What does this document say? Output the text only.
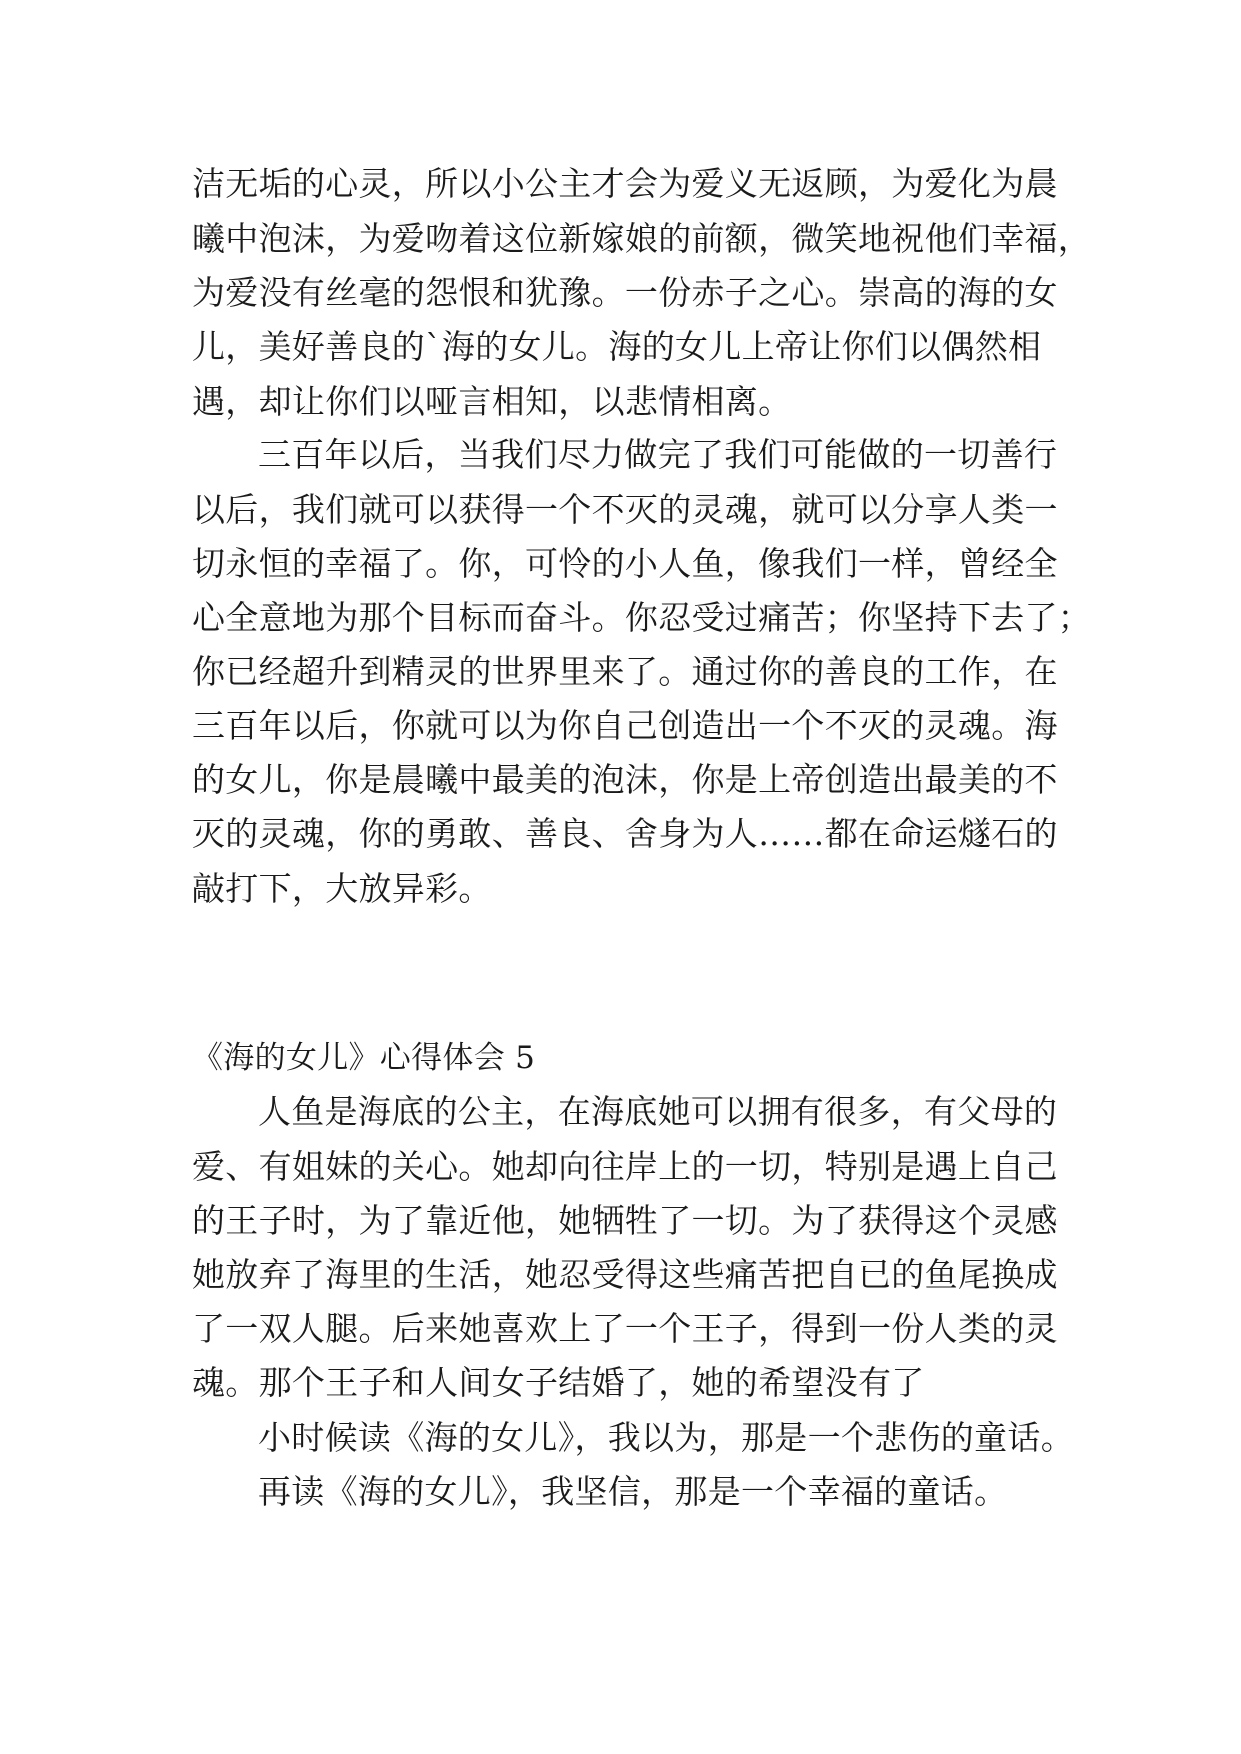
洁无垢的心灵，所以小公主才会为爱义无返顾，为爱化为晨
曦中泡沫，为爱吻着这位新嫁娘的前额，微笑地祝他们幸福，
为爱没有丝毫的怨恨和犹豫。一份赤子之心。崇高的海的女
儿，美好善良的`海的女儿。海的女儿上帝让你们以偶然相
遇，却让你们以哑言相知，以悲情相离。
三百年以后，当我们尽力做完了我们可能做的一切善行
以后，我们就可以获得一个不灭的灵魂，就可以分享人类一
切永恒的幸福了。你，可怜的小人鱼，像我们一样，曾经全
心全意地为那个目标而奋斗。你忍受过痛苦；你坚持下去了；
你已经超升到精灵的世界里来了。通过你的善良的工作，在
三百年以后，你就可以为你自己创造出一个不灭的灵魂。海
的女儿，你是晨曦中最美的泡沫，你是上帝创造出最美的不
灭的灵魂，你的勇敢、善良、舍身为人……都在命运燧石的
敲打下，大放异彩。
《海的女儿》心得体会 5
人鱼是海底的公主，在海底她可以拥有很多，有父母的
爱、有姐妹的关心。她却向往岸上的一切，特别是遇上自己
的王子时，为了靠近他，她牺牲了一切。为了获得这个灵感
她放弃了海里的生活，她忍受得这些痛苦把自已的鱼尾换成
了一双人腿。后来她喜欢上了一个王子，得到一份人类的灵
魂。那个王子和人间女子结婚了，她的希望没有了
小时候读《海的女儿》，我以为，那是一个悲伤的童话。
再读《海的女儿》，我坚信，那是一个幸福的童话。
